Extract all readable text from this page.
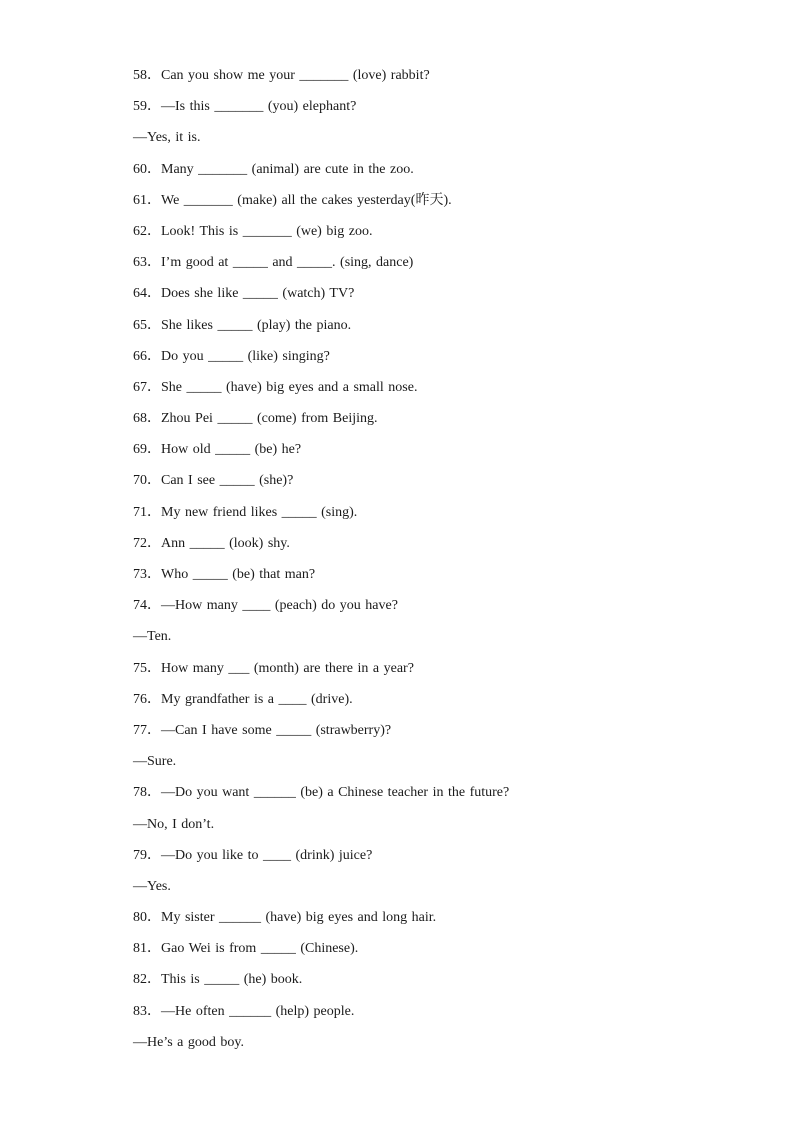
58．Can you show me your _______ (love) rabbit?
59．—Is this _______ (you) elephant?
—Yes, it is.
60．Many _______ (animal) are cute in the zoo.
61．We _______ (make) all the cakes yesterday(昨天).
62．Look! This is _______ (we) big zoo.
63．I’m good at _____ and _____. (sing, dance)
64．Does she like _____ (watch) TV?
65．She likes _____ (play) the piano.
66．Do you _____ (like) singing?
67．She _____ (have) big eyes and a small nose.
68．Zhou Pei _____ (come) from Beijing.
69．How old _____ (be) he?
70．Can I see _____ (she)?
71．My new friend likes _____ (sing).
72．Ann _____ (look) shy.
73．Who _____ (be) that man?
74．—How many ____ (peach) do you have?
—Ten.
75．How many ___ (month) are there in a year?
76．My grandfather is a ____ (drive).
77．—Can I have some _____ (strawberry)?
—Sure.
78．—Do you want ______ (be) a Chinese teacher in the future?
—No, I don’t.
79．—Do you like to ____ (drink) juice?
—Yes.
80．My sister ______ (have) big eyes and long hair.
81．Gao Wei is from _____ (Chinese).
82．This is _____ (he) book.
83．—He often ______ (help) people.
—He’s a good boy.
